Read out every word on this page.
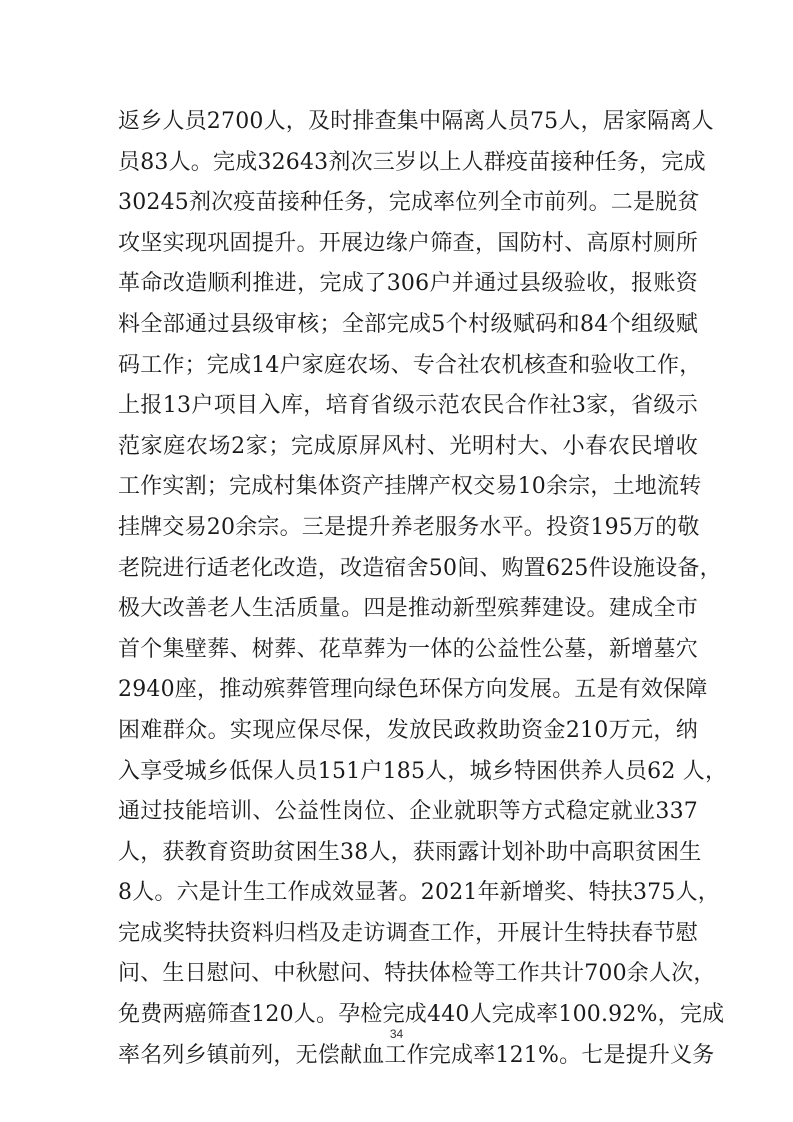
返乡人员2700人，及时排查集中隔离人员75人，居家隔离人
员83人。完成32643剂次三岁以上人群疫苗接种任务，完成
30245剂次疫苗接种任务，完成率位列全市前列。二是脱贫
攻坚实现巩固提升。开展边缘户筛查，国防村、高原村厕所
革命改造顺利推进，完成了306户并通过县级验收，报账资
料全部通过县级审核；全部完成5个村级赋码和84个组级赋
码工作；完成14户家庭农场、专合社农机核查和验收工作，
上报13户项目入库，培育省级示范农民合作社3家，省级示
范家庭农场2家；完成原屏风村、光明村大、小春农民增收
工作实割；完成村集体资产挂牌产权交易10余宗，土地流转
挂牌交易20余宗。三是提升养老服务水平。投资195万的敬
老院进行适老化改造，改造宿舍50间、购置625件设施设备，
极大改善老人生活质量。四是推动新型殡葬建设。建成全市
首个集壁葬、树葬、花草葬为一体的公益性公墓，新增墓穴
2940座，推动殡葬管理向绿色环保方向发展。五是有效保障
困难群众。实现应保尽保，发放民政救助资金210万元，纳
入享受城乡低保人员151户185人，城乡特困供养人员62 人，
通过技能培训、公益性岗位、企业就职等方式稳定就业337
人，获教育资助贫困生38人，获雨露计划补助中高职贫困生
8人。六是计生工作成效显著。2021年新增奖、特扶375人，
完成奖特扶资料归档及走访调查工作，开展计生特扶春节慰
问、生日慰问、中秋慰问、特扶体检等工作共计700余人次，
免费两癌筛查120人。孕检完成440人完成率100.92%，完成
率名列乡镇前列，无偿献血工作完成率121%。七是提升义务
34
